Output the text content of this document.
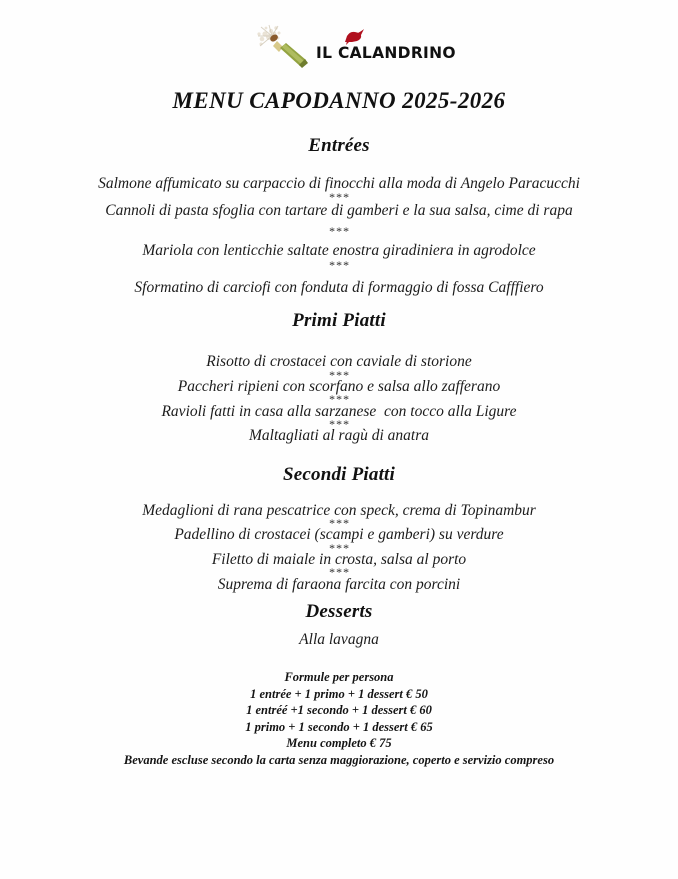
IL CALANDRINO
MENU CAPODANNO 2025-2026
Entrées
Salmone affumicato su carpaccio di finocchi alla moda di Angelo Paracucchi
***
Cannoli di pasta sfoglia con tartare di gamberi e la sua salsa, cime di rapa
***
Mariola con lenticchie saltate enostra giradiniera in agrodolce
***
Sformatino di carciofi con fonduta di formaggio di fossa Cafffiero
Primi Piatti
Risotto di crostacei con caviale di storione
***
Paccheri ripieni con scorfano e salsa allo zafferano
***
Ravioli fatti in casa alla sarzanese  con tocco alla Ligure
***
Maltagliati al ragù di anatra
Secondi Piatti
Medaglioni di rana pescatrice con speck, crema di Topinambur
***
Padellino di crostacei (scampi e gamberi) su verdure
***
Filetto di maiale in crosta, salsa al porto
***
Suprema di faraona farcita con porcini
Desserts
Alla lavagna
Formule per persona
1 entrée + 1 primo + 1 dessert € 50
1 entréé +1 secondo + 1 dessert € 60
1 primo + 1 secondo + 1 dessert € 65
Menu completo € 75
Bevande escluse secondo la carta senza maggiorazione, coperto e servizio compreso
